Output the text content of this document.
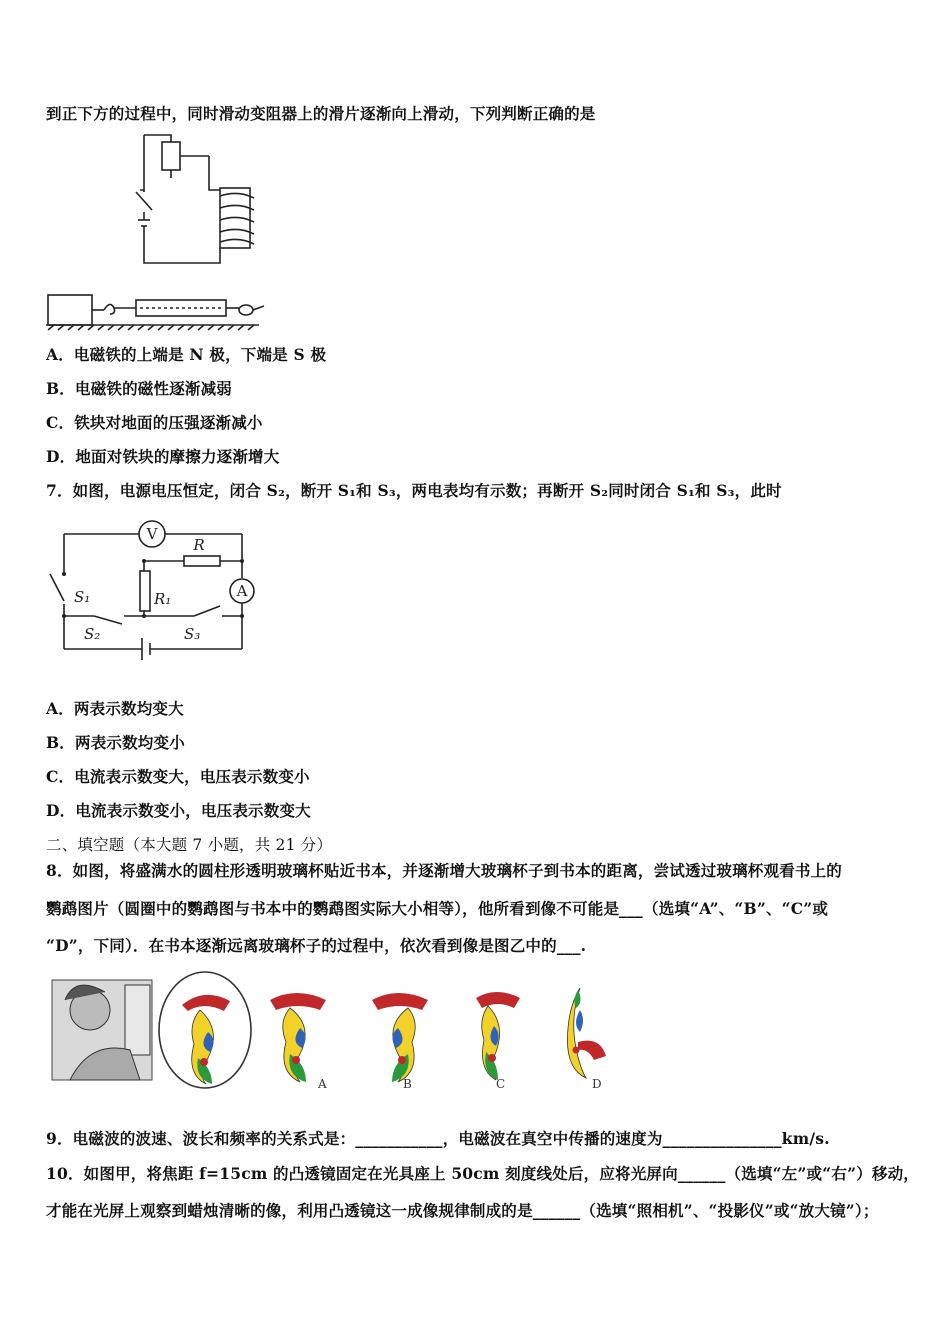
到正下方的过程中，同时滑动变阻器上的滑片逐渐向上滑动，下列判断正确的是
A．电磁铁的上端是 N 极，下端是 S 极
B．电磁铁的磁性逐渐减弱
C．铁块对地面的压强逐渐减小
D．地面对铁块的摩擦力逐渐增大
7．如图，电源电压恒定，闭合 S₂，断开 S₁和 S₃，两电表均有示数；再断开 S₂同时闭合 S₁和 S₃，此时
V
R
R₁	A
S₁
S₂	S₃
A．两表示数均变大
B．两表示数均变小
C．电流表示数变大，电压表示数变小
D．电流表示数变小，电压表示数变大
二、填空题（本大题 7 小题，共 21 分）
8．如图，将盛满水的圆柱形透明玻璃杯贴近书本，并逐渐增大玻璃杯子到书本的距离，尝试透过玻璃杯观看书上的
鹦鹉图片（圆圈中的鹦鹉图与书本中的鹦鹉图实际大小相等），他所看到像不可能是___（选填“A”、“B”、“C”或
“D”，下同）．在书本逐渐远离玻璃杯子的过程中，依次看到像是图乙中的___.
A	B	C	D
9．电磁波的波速、波长和频率的关系式是：___________，电磁波在真空中传播的速度为_______________km/s.
10．如图甲，将焦距 f=15cm 的凸透镜固定在光具座上 50cm 刻度线处后，应将光屏向______（选填“左”或“右”）移动，
才能在光屏上观察到蜡烛清晰的像，利用凸透镜这一成像规律制成的是______（选填“照相机”、“投影仪”或“放大镜”）；
